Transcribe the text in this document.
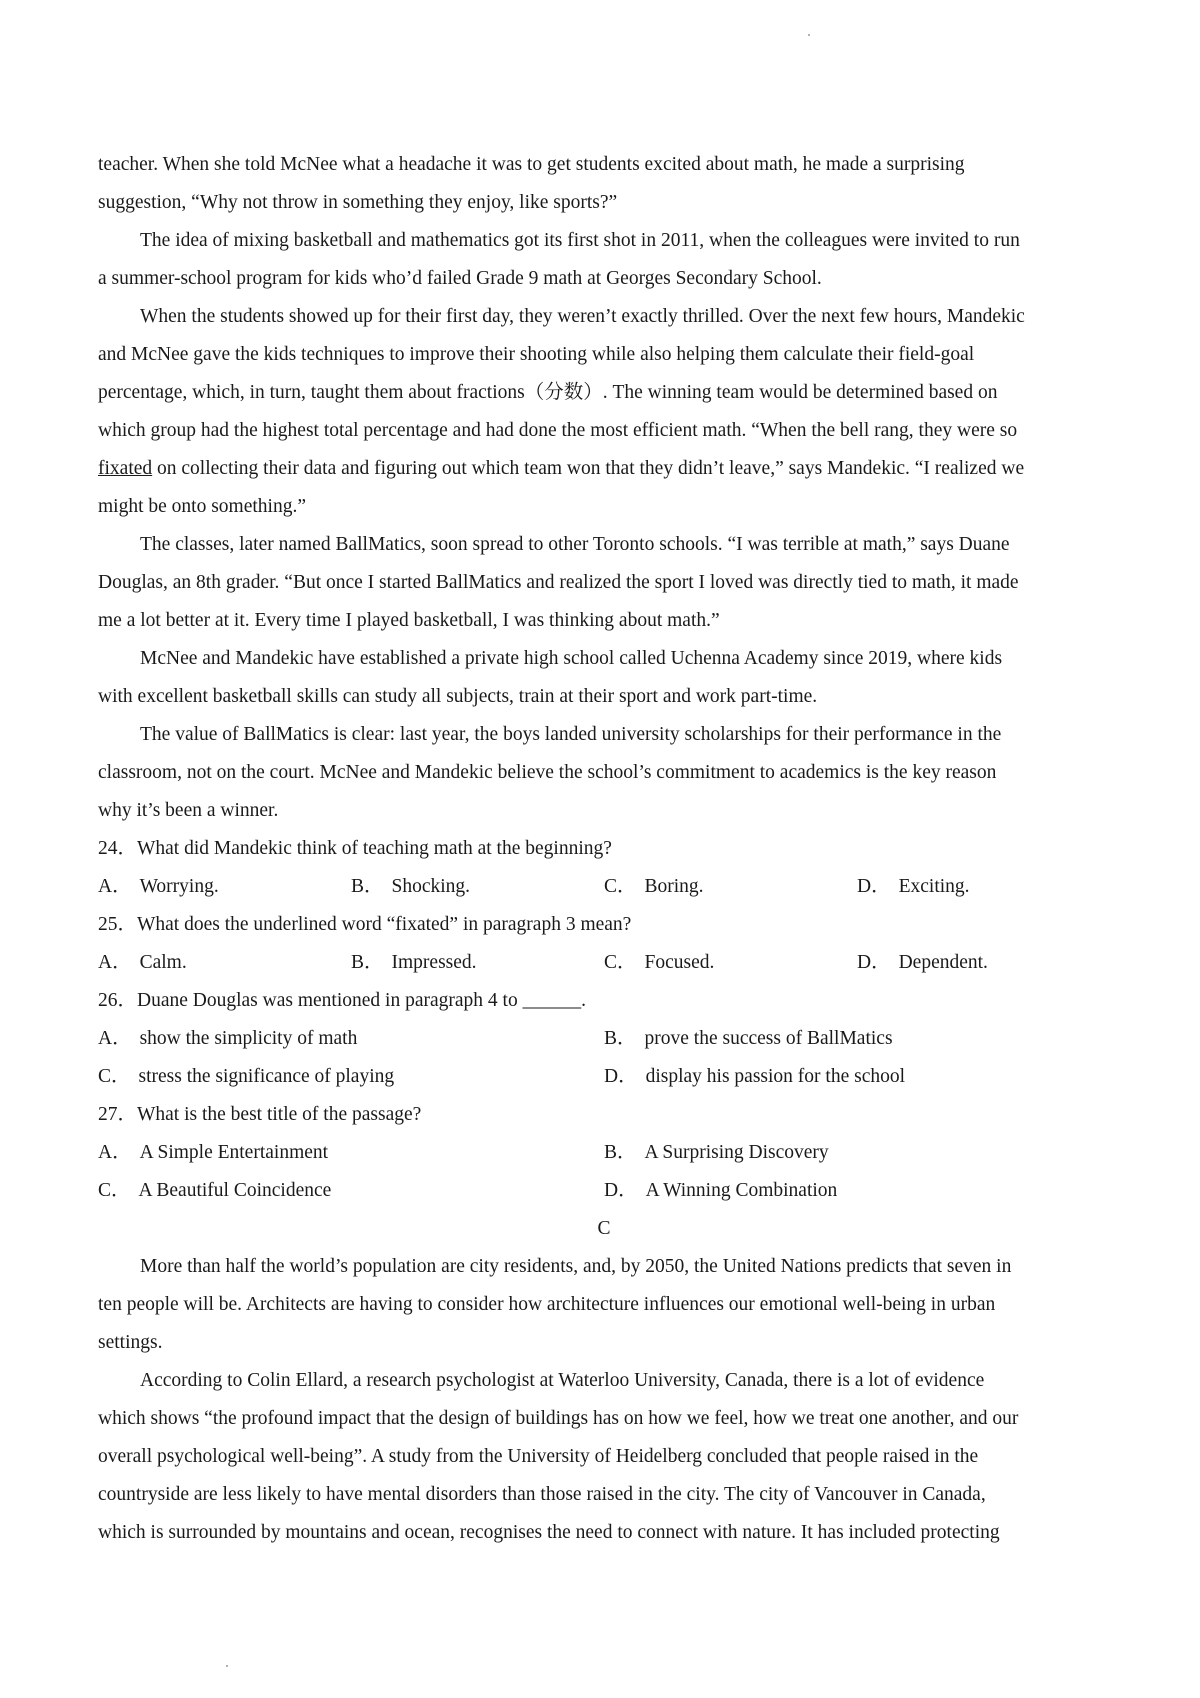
teacher. When she told McNee what a headache it was to get students excited about math, he made a surprising
suggestion, “Why not throw in something they enjoy, like sports?”
The idea of mixing basketball and mathematics got its first shot in 2011, when the colleagues were invited to run
a summer-school program for kids who’d failed Grade 9 math at Georges Secondary School.
When the students showed up for their first day, they weren’t exactly thrilled. Over the next few hours, Mandekic
and McNee gave the kids techniques to improve their shooting while also helping them calculate their field-goal
percentage, which, in turn, taught them about fractions（分数）. The winning team would be determined based on
which group had the highest total percentage and had done the most efficient math. “When the bell rang, they were so
fixated on collecting their data and figuring out which team won that they didn’t leave,” says Mandekic. “I realized we
might be onto something.”
The classes, later named BallMatics, soon spread to other Toronto schools. “I was terrible at math,” says Duane
Douglas, an 8th grader. “But once I started BallMatics and realized the sport I loved was directly tied to math, it made
me a lot better at it. Every time I played basketball, I was thinking about math.”
McNee and Mandekic have established a private high school called Uchenna Academy since 2019, where kids
with excellent basketball skills can study all subjects, train at their sport and work part-time.
The value of BallMatics is clear: last year, the boys landed university scholarships for their performance in the
classroom, not on the court. McNee and Mandekic believe the school’s commitment to academics is the key reason
why it’s been a winner.
24．What did Mandekic think of teaching math at the beginning?
A． Worrying.	B． Shocking.	C． Boring.	D． Exciting.
25．What does the underlined word “fixated” in paragraph 3 mean?
A． Calm.	B． Impressed.	C． Focused.	D． Dependent.
26．Duane Douglas was mentioned in paragraph 4 to ______.
A． show the simplicity of math	B． prove the success of BallMatics
C． stress the significance of playing	D． display his passion for the school
27．What is the best title of the passage?
A． A Simple Entertainment	B． A Surprising Discovery
C． A Beautiful Coincidence	D． A Winning Combination
C
More than half the world’s population are city residents, and, by 2050, the United Nations predicts that seven in
ten people will be. Architects are having to consider how architecture influences our emotional well-being in urban
settings.
According to Colin Ellard, a research psychologist at Waterloo University, Canada, there is a lot of evidence
which shows “the profound impact that the design of buildings has on how we feel, how we treat one another, and our
overall psychological well-being”. A study from the University of Heidelberg concluded that people raised in the
countryside are less likely to have mental disorders than those raised in the city. The city of Vancouver in Canada,
which is surrounded by mountains and ocean, recognises the need to connect with nature. It has included protecting
